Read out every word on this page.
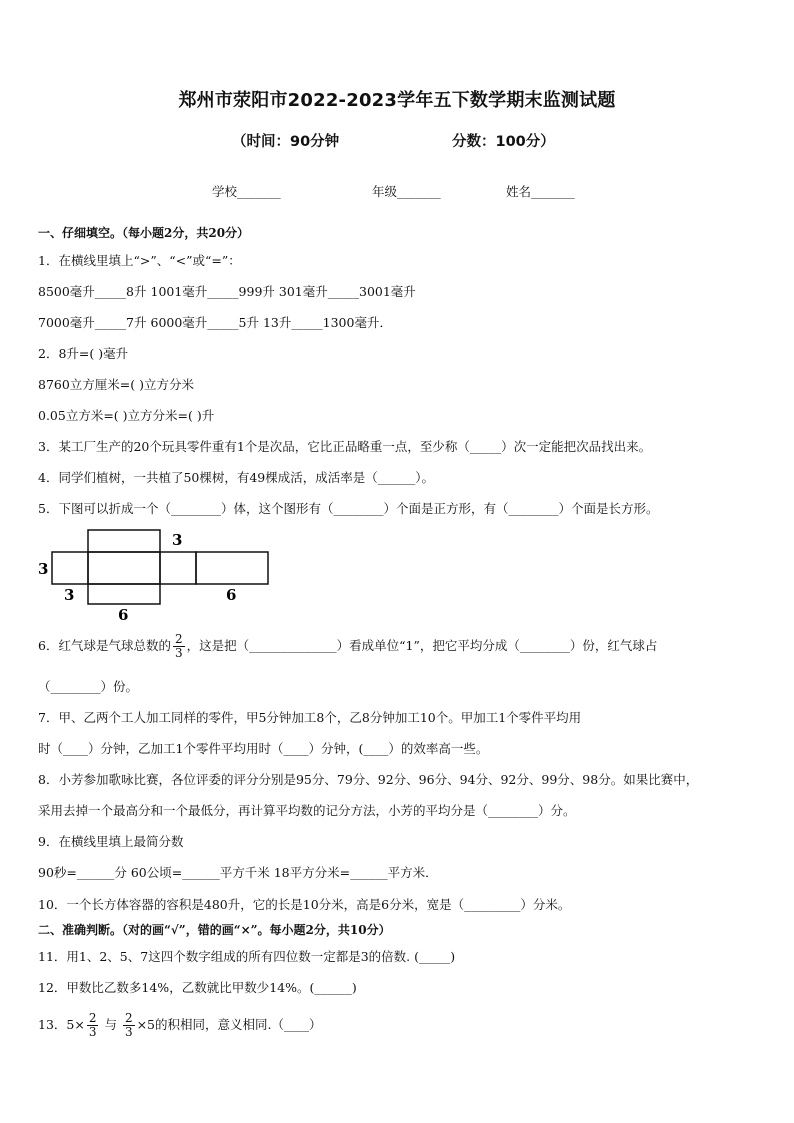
郑州市荥阳市2022-2023学年五下数学期末监测试题
（时间：90分钟	分数：100分）
学校_______	年级_______	姓名_______
一、仔细填空。（每小题2分，共20分）
1．在横线里填上“>”、“<”或“=”：
8500毫升_____8升 1001毫升_____999升 301毫升_____3001毫升
7000毫升_____7升 6000毫升_____5升 13升_____1300毫升．
2．8升=( )毫升
8760立方厘米=( )立方分米
0.05立方米=( )立方分米=( )升
3．某工厂生产的20个玩具零件重有1个是次品，它比正品略重一点，至少称（_____）次一定能把次品找出来。
4．同学们植树，一共植了50棵树，有49棵成活，成活率是（______）。
5．下图可以折成一个（________）体，这个图形有（________）个面是正方形，有（________）个面是长方形。
3
3
6
3
6
6．红气球是气球总数的 $\frac{2}{3}$ ，这是把（______________）看成单位“1”，把它平均分成（________）份，红气球占
（________）份。
7．甲、乙两个工人加工同样的零件，甲5分钟加工8个，乙8分钟加工10个。甲加工1个零件平均用
时（____）分钟，乙加工1个零件平均用时（____）分钟，(____）的效率高一些。
8．小芳参加歌咏比赛，各位评委的评分分别是95分、79分、92分、96分、94分、92分、99分、98分。如果比赛中，
采用去掉一个最高分和一个最低分，再计算平均数的记分方法，小芳的平均分是（________）分。
9．在横线里填上最简分数
90秒=______分 60公顷=______平方千米 18平方分米=______平方米．
10．一个长方体容器的容积是480升，它的长是10分米，高是6分米，宽是（_________）分米。
二、准确判断。（对的画“√”，错的画“×”。每小题2分，共10分）
11．用1、2、5、7这四个数字组成的所有四位数一定都是3的倍数. (_____)
12．甲数比乙数多14%，乙数就比甲数少14%。(______)
13．$5\times \frac{2}{3}$ 与 $\frac{2}{3} \times 5$的积相同，意义相同.（____）
